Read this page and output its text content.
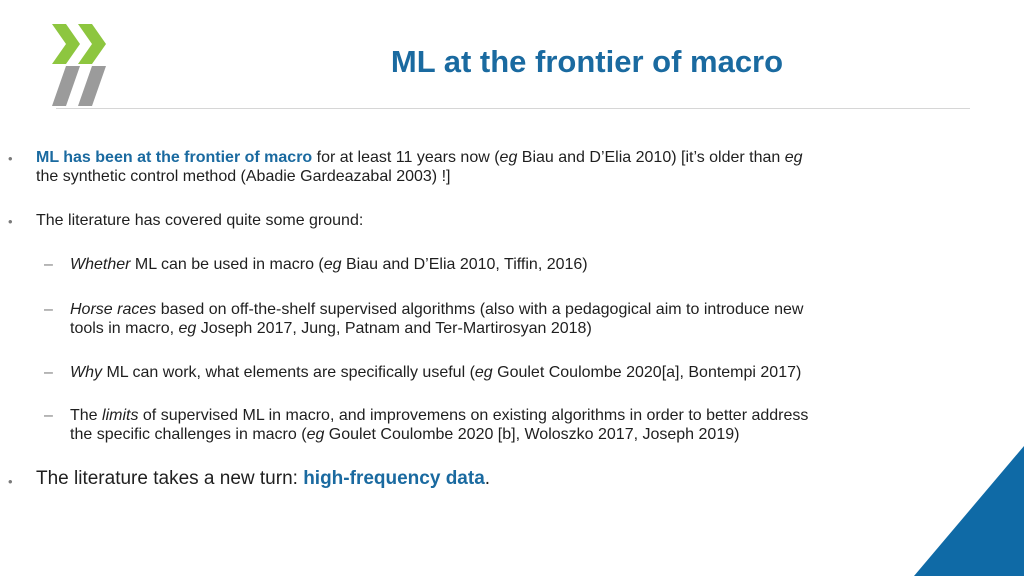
ML at the frontier of macro
• ML has been at the frontier of macro for at least 11 years now (eg Biau and D’Elia 2010) [it’s older than eg
the synthetic control method (Abadie Gardeazabal 2003) !]
• The literature has covered quite some ground:
– Whether ML can be used in macro (eg Biau and D’Elia 2010, Tiffin, 2016)
– Horse races based on off-the-shelf supervised algorithms (also with a pedagogical aim to introduce new
tools in macro, eg Joseph 2017, Jung, Patnam and Ter-Martirosyan 2018)
– Why ML can work, what elements are specifically useful (eg Goulet Coulombe 2020[a], Bontempi 2017)
– The limits of supervised ML in macro, and improvemens on existing algorithms in order to better address
the specific challenges in macro (eg Goulet Coulombe 2020 [b], Woloszko 2017, Joseph 2019)
• The literature takes a new turn: high-frequency data.
